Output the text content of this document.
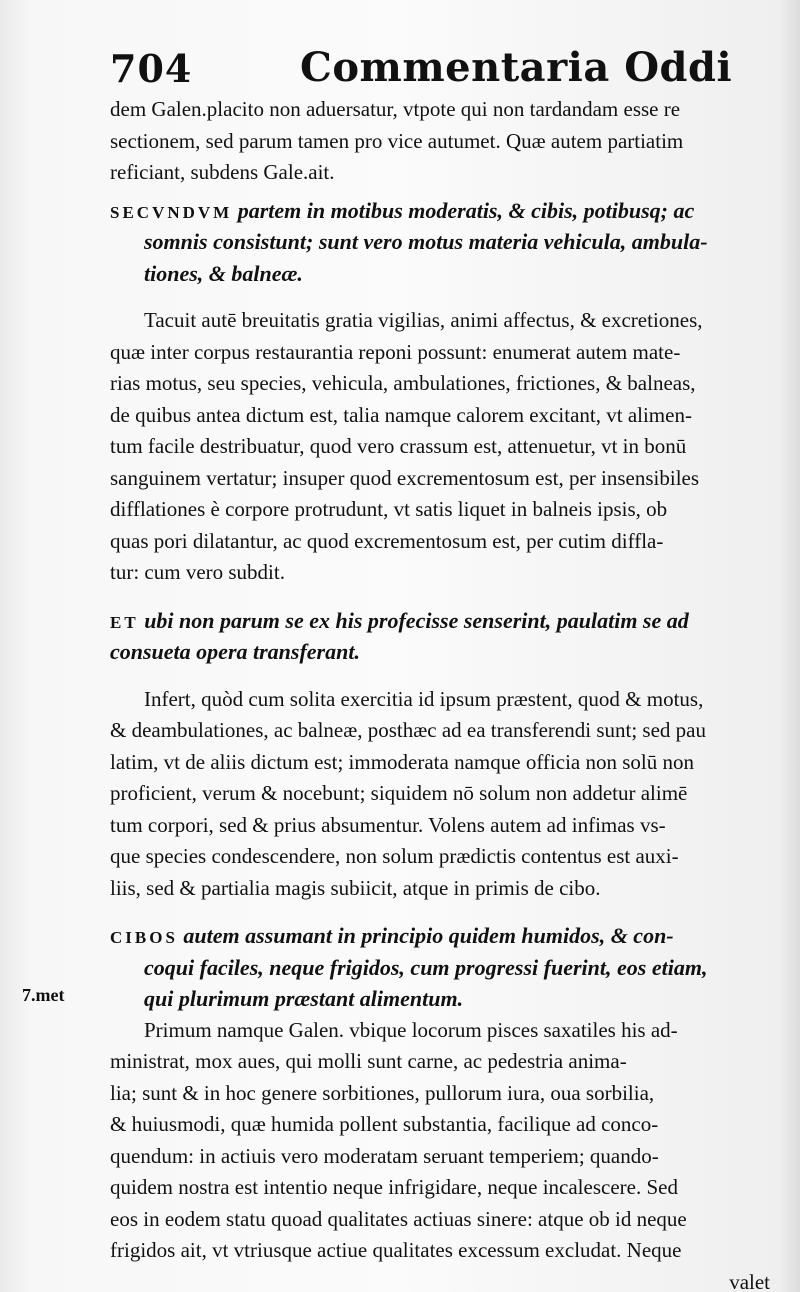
704	Commentaria Oddi
7.met
dem Galen.placito non aduersatur, vtpote qui non tardandam esse re
sectionem, sed parum tamen pro vice autumet. Quæ autem partiatim
reficiant, subdens Gale.ait.
SECVNDVM partem in motibus moderatis, & cibis, potibusq; ac
somnis consistunt; sunt vero motus materia vehicula, ambula-
tiones, & balneæ.
Tacuit autē breuitatis gratia vigilias, animi affectus, & excretiones,
quæ inter corpus restaurantia reponi possunt: enumerat autem mate-
rias motus, seu species, vehicula, ambulationes, frictiones, & balneas,
de quibus antea dictum est, talia namque calorem excitant, vt alimen-
tum facile destribuatur, quod vero crassum est, attenuetur, vt in bonū
sanguinem vertatur; insuper quod excrementosum est, per insensibiles
difflationes è corpore protrudunt, vt satis liquet in balneis ipsis, ob
quas pori dilatantur, ac quod excrementosum est, per cutim diffla-
tur: cum vero subdit.
ET ubi non parum se ex his profecisse senserint, paulatim se ad
consueta opera transferant.
Infert, quòd cum solita exercitia id ipsum præstent, quod & motus,
& deambulationes, ac balneæ, posthæc ad ea transferendi sunt; sed pau
latim, vt de aliis dictum est; immoderata namque officia non solū non
proficient, verum & nocebunt; siquidem nō solum non addetur alimē
tum corpori, sed & prius absumentur. Volens autem ad infimas vs-
que species condescendere, non solum prædictis contentus est auxi-
liis, sed & partialia magis subiicit, atque in primis de cibo.
CIBOS autem assumant in principio quidem humidos, & con-
coqui faciles, neque frigidos, cum progressi fuerint, eos etiam,
qui plurimum præstant alimentum.
Primum namque Galen. vbique locorum pisces saxatiles his ad-
ministrat, mox aues, qui molli sunt carne, ac pedestria anima-
lia; sunt & in hoc genere sorbitiones, pullorum iura, oua sorbilia,
& huiusmodi, quæ humida pollent substantia, facilique ad conco-
quendum: in actiuis vero moderatam seruant temperiem; quando-
quidem nostra est intentio neque infrigidare, neque incalescere. Sed
eos in eodem statu quoad qualitates actiuas sinere: atque ob id neque
frigidos ait, vt vtriusque actiue qualitates excessum excludat. Neque
valet
